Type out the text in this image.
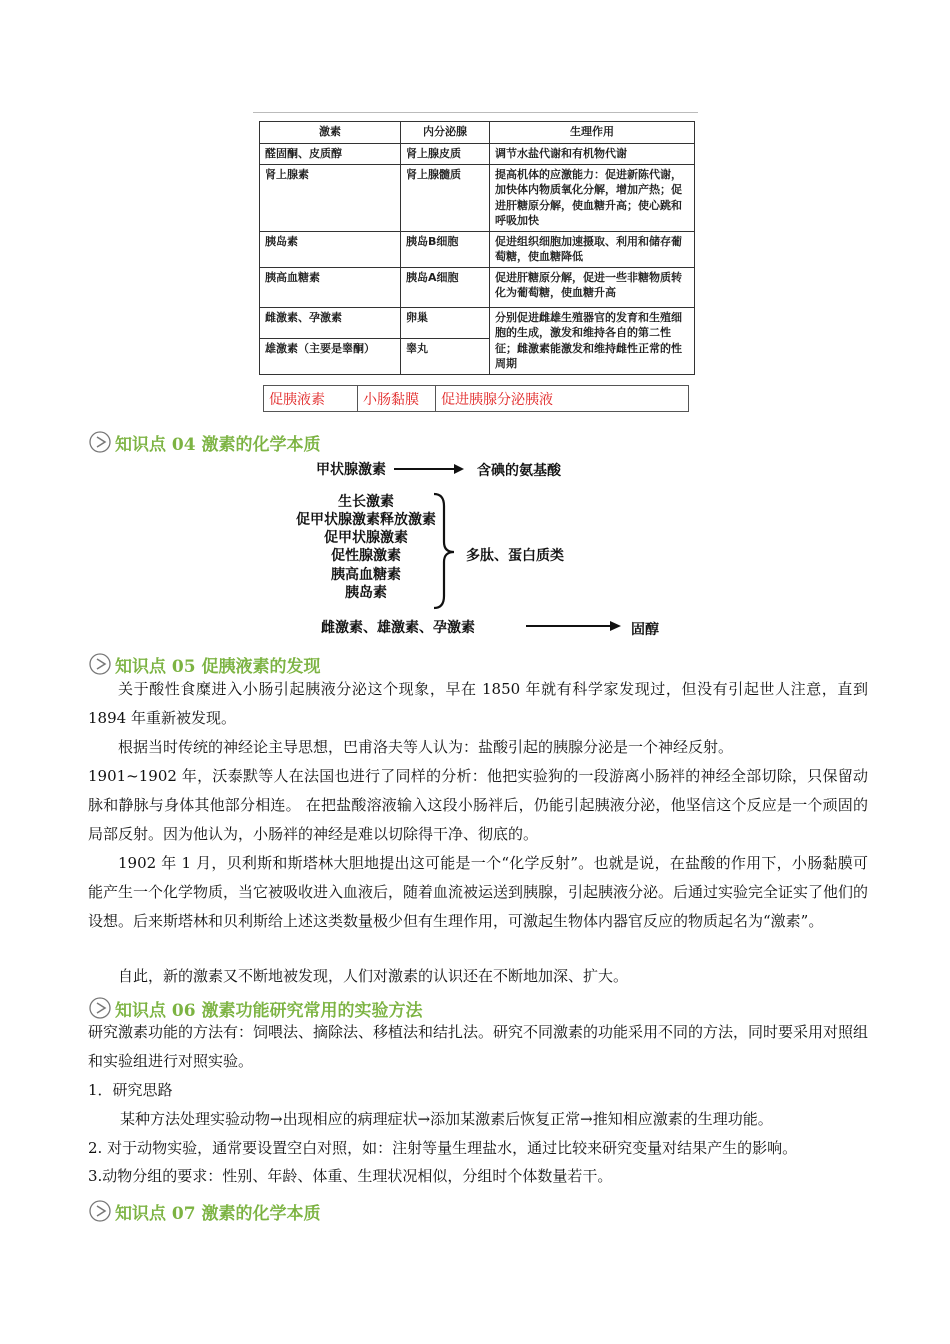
激素	内分泌腺	生理作用
醛固酮、皮质醇	肾上腺皮质	调节水盐代谢和有机物代谢
肾上腺素	肾上腺髓质	提高机体的应激能力：促进新陈代谢，加快体内物质氧化分解，增加产热；促进肝糖原分解，使血糖升高；使心跳和呼吸加快
胰岛素	胰岛B细胞	促进组织细胞加速摄取、利用和储存葡萄糖，使血糖降低
胰高血糖素	胰岛A细胞	促进肝糖原分解，促进一些非糖物质转化为葡萄糖，使血糖升高
雌激素、孕激素	卵巢	分别促进雌雄生殖器官的发育和生殖细胞的生成，激发和维持各自的第二性征；雌激素能激发和维持雌性正常的性周期
雄激素（主要是睾酮）	睾丸	
促胰液素	小肠黏膜	促进胰腺分泌胰液
知识点 04 激素的化学本质
甲状腺激素	含碘的氨基酸
生长激素
促甲状腺激素释放激素
促甲状腺激素
促性腺激素
胰高血糖素
胰岛素
多肽、蛋白质类
雌激素、雄激素、孕激素	固醇
知识点 05 促胰液素的发现

关于酸性食糜进入小肠引起胰液分泌这个现象，早在 1850 年就有科学家发现过，但没有引起世人注意，直到 1894 年重新被发现。

根据当时传统的神经论主导思想，巴甫洛夫等人认为：盐酸引起的胰腺分泌是一个神经反射。

1901~1902 年，沃泰默等人在法国也进行了同样的分析：他把实验狗的一段游离小肠袢的神经全部切除，只保留动脉和静脉与身体其他部分相连。 在把盐酸溶液输入这段小肠袢后，仍能引起胰液分泌，他坚信这个反应是一个顽固的局部反射。因为他认为，小肠袢的神经是难以切除得干净、彻底的。

1902 年 1 月，贝利斯和斯塔林大胆地提出这可能是一个“化学反射”。也就是说，在盐酸的作用下，小肠黏膜可能产生一个化学物质，当它被吸收进入血液后，随着血流被运送到胰腺，引起胰液分泌。后通过实验完全证实了他们的设想。后来斯塔林和贝利斯给上述这类数量极少但有生理作用，可激起生物体内器官反应的物质起名为“激素”。

自此，新的激素又不断地被发现，人们对激素的认识还在不断地加深、扩大。

知识点 06 激素功能研究常用的实验方法

研究激素功能的方法有：饲喂法、摘除法、移植法和结扎法。研究不同激素的功能采用不同的方法，同时要采用对照组和实验组进行对照实验。

1．研究思路
某种方法处理实验动物→出现相应的病理症状→添加某激素后恢复正常→推知相应激素的生理功能。
2. 对于动物实验，通常要设置空白对照，如：注射等量生理盐水，通过比较来研究变量对结果产生的影响。
3.动物分组的要求：性别、年龄、体重、生理状况相似，分组时个体数量若干。
知识点 07 激素的化学本质
